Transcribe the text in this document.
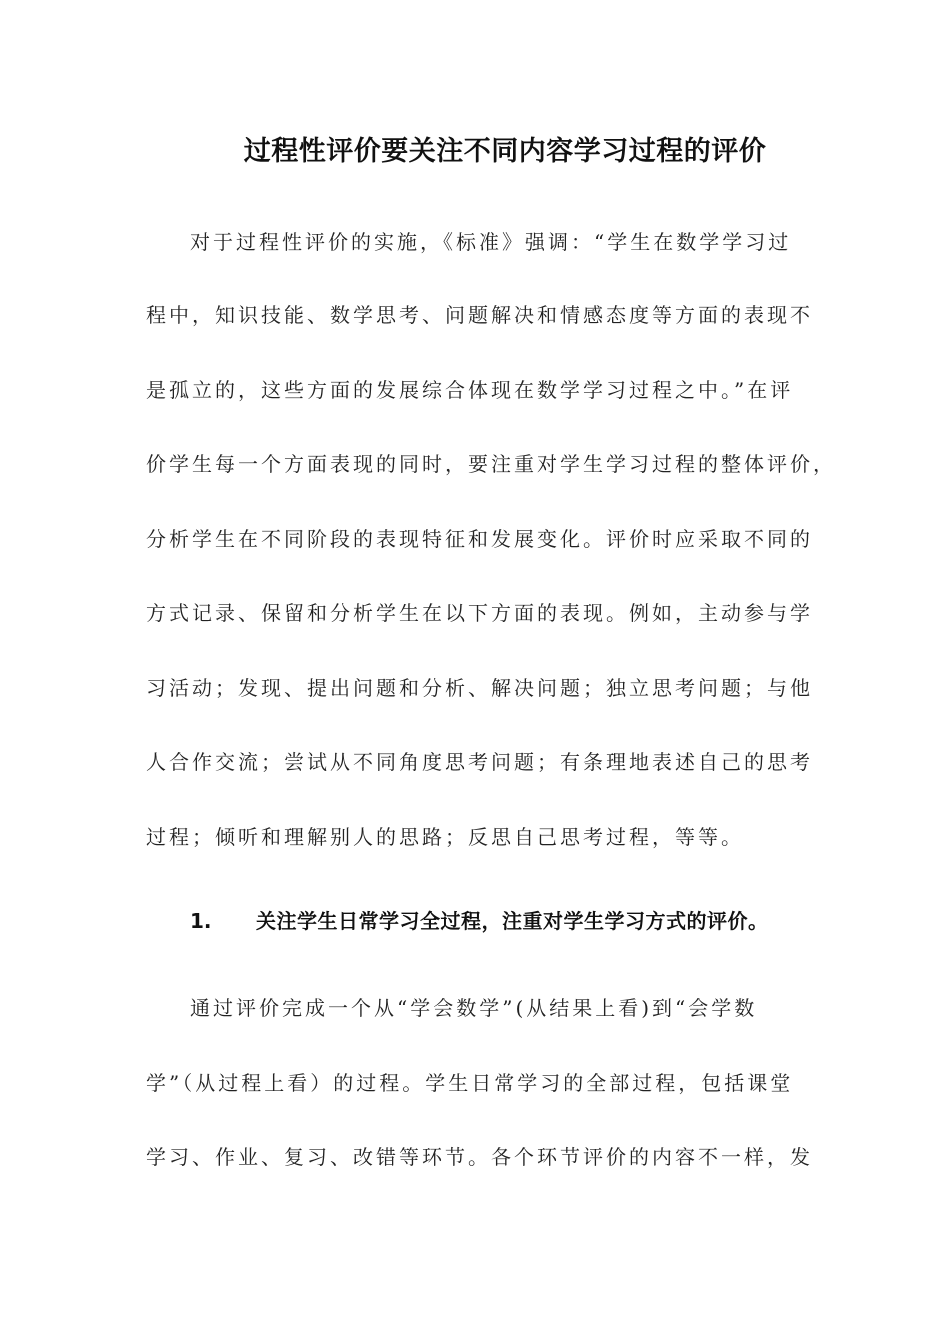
过程性评价要关注不同内容学习过程的评价
对于过程性评价的实施，《标准》强调：“学生在数学学习过
程中，知识技能、数学思考、问题解决和情感态度等方面的表现不
是孤立的，这些方面的发展综合体现在数学学习过程之中。”在评
价学生每一个方面表现的同时，要注重对学生学习过程的整体评价，
分析学生在不同阶段的表现特征和发展变化。评价时应采取不同的
方式记录、保留和分析学生在以下方面的表现。例如，主动参与学
习活动；发现、提出问题和分析、解决问题；独立思考问题；与他
人合作交流；尝试从不同角度思考问题；有条理地表述自己的思考
过程；倾听和理解别人的思路；反思自己思考过程，等等。
1. 关注学生日常学习全过程，注重对学生学习方式的评价。
通过评价完成一个从“学会数学”(从结果上看)到“会学数
学”（从过程上看）的过程。学生日常学习的全部过程，包括课堂
学习、作业、复习、改错等环节。各个环节评价的内容不一样，发
